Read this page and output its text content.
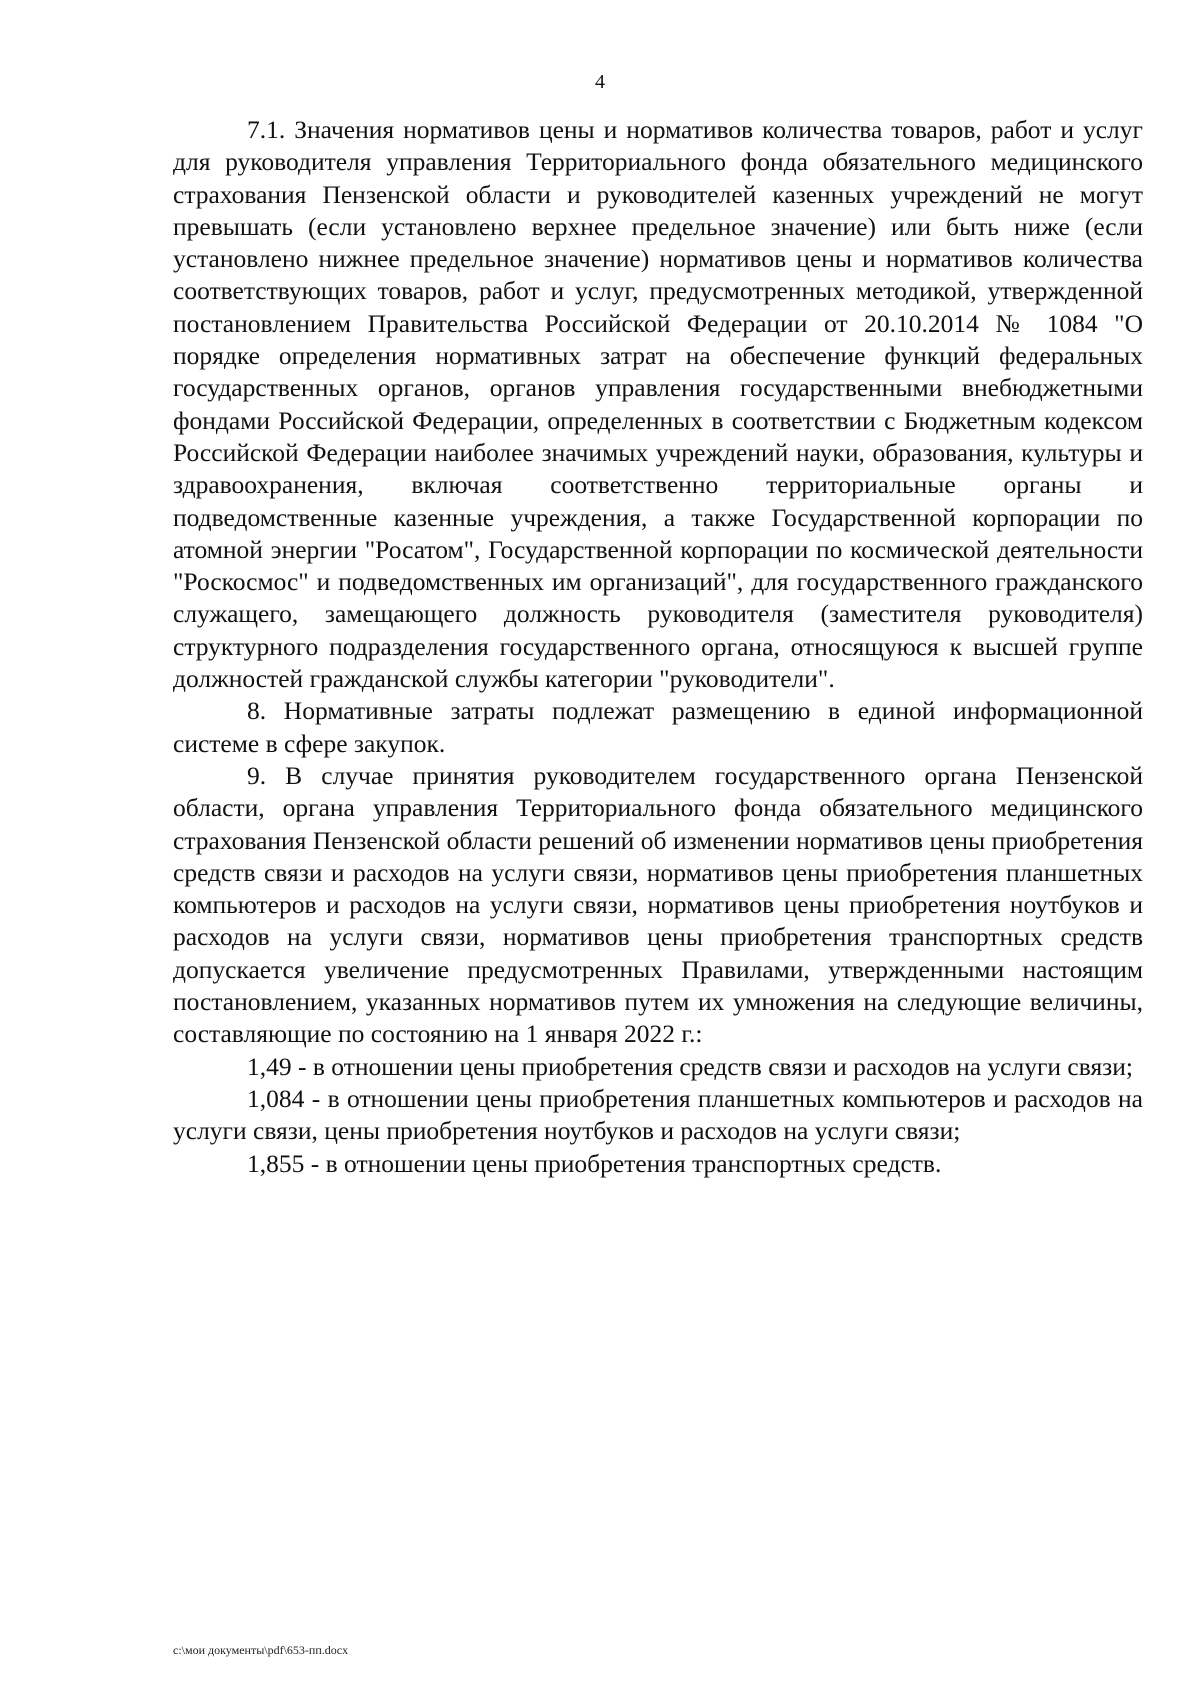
4

7.1. Значения нормативов цены и нормативов количества товаров, работ и услуг для руководителя управления Территориального фонда обязательного медицинского страхования Пензенской области и руководителей казенных учреждений не могут превышать (если установлено верхнее предельное значение) или быть ниже (если установлено нижнее предельное значение) нормативов цены и нормативов количества соответствующих товаров, работ и услуг, предусмотренных методикой, утвержденной постановлением Правительства Российской Федерации от 20.10.2014 № 1084 "О порядке определения нормативных затрат на обеспечение функций федеральных государственных органов, органов управления государственными внебюджетными фондами Российской Федерации, определенных в соответствии с Бюджетным кодексом Российской Федерации наиболее значимых учреждений науки, образования, культуры и здравоохранения, включая соответственно территориальные органы и подведомственные казенные учреждения, а также Государственной корпорации по атомной энергии "Росатом", Государственной корпорации по космической деятельности "Роскосмос" и подведомственных им организаций", для государственного гражданского служащего, замещающего должность руководителя (заместителя руководителя) структурного подразделения государственного органа, относящуюся к высшей группе должностей гражданской службы категории "руководители".

8. Нормативные затраты подлежат размещению в единой информационной системе в сфере закупок.

9. В случае принятия руководителем государственного органа Пензенской области, органа управления Территориального фонда обязательного медицинского страхования Пензенской области решений об изменении нормативов цены приобретения средств связи и расходов на услуги связи, нормативов цены приобретения планшетных компьютеров и расходов на услуги связи, нормативов цены приобретения ноутбуков и расходов на услуги связи, нормативов цены приобретения транспортных средств допускается увеличение предусмотренных Правилами, утвержденными настоящим постановлением, указанных нормативов путем их умножения на следующие величины, составляющие по состоянию на 1 января 2022 г.:

1,49 - в отношении цены приобретения средств связи и расходов на услуги связи;

1,084 - в отношении цены приобретения планшетных компьютеров и расходов на услуги связи, цены приобретения ноутбуков и расходов на услуги связи;

1,855 - в отношении цены приобретения транспортных средств.

c:\мои документы\pdf\653-пп.docx
